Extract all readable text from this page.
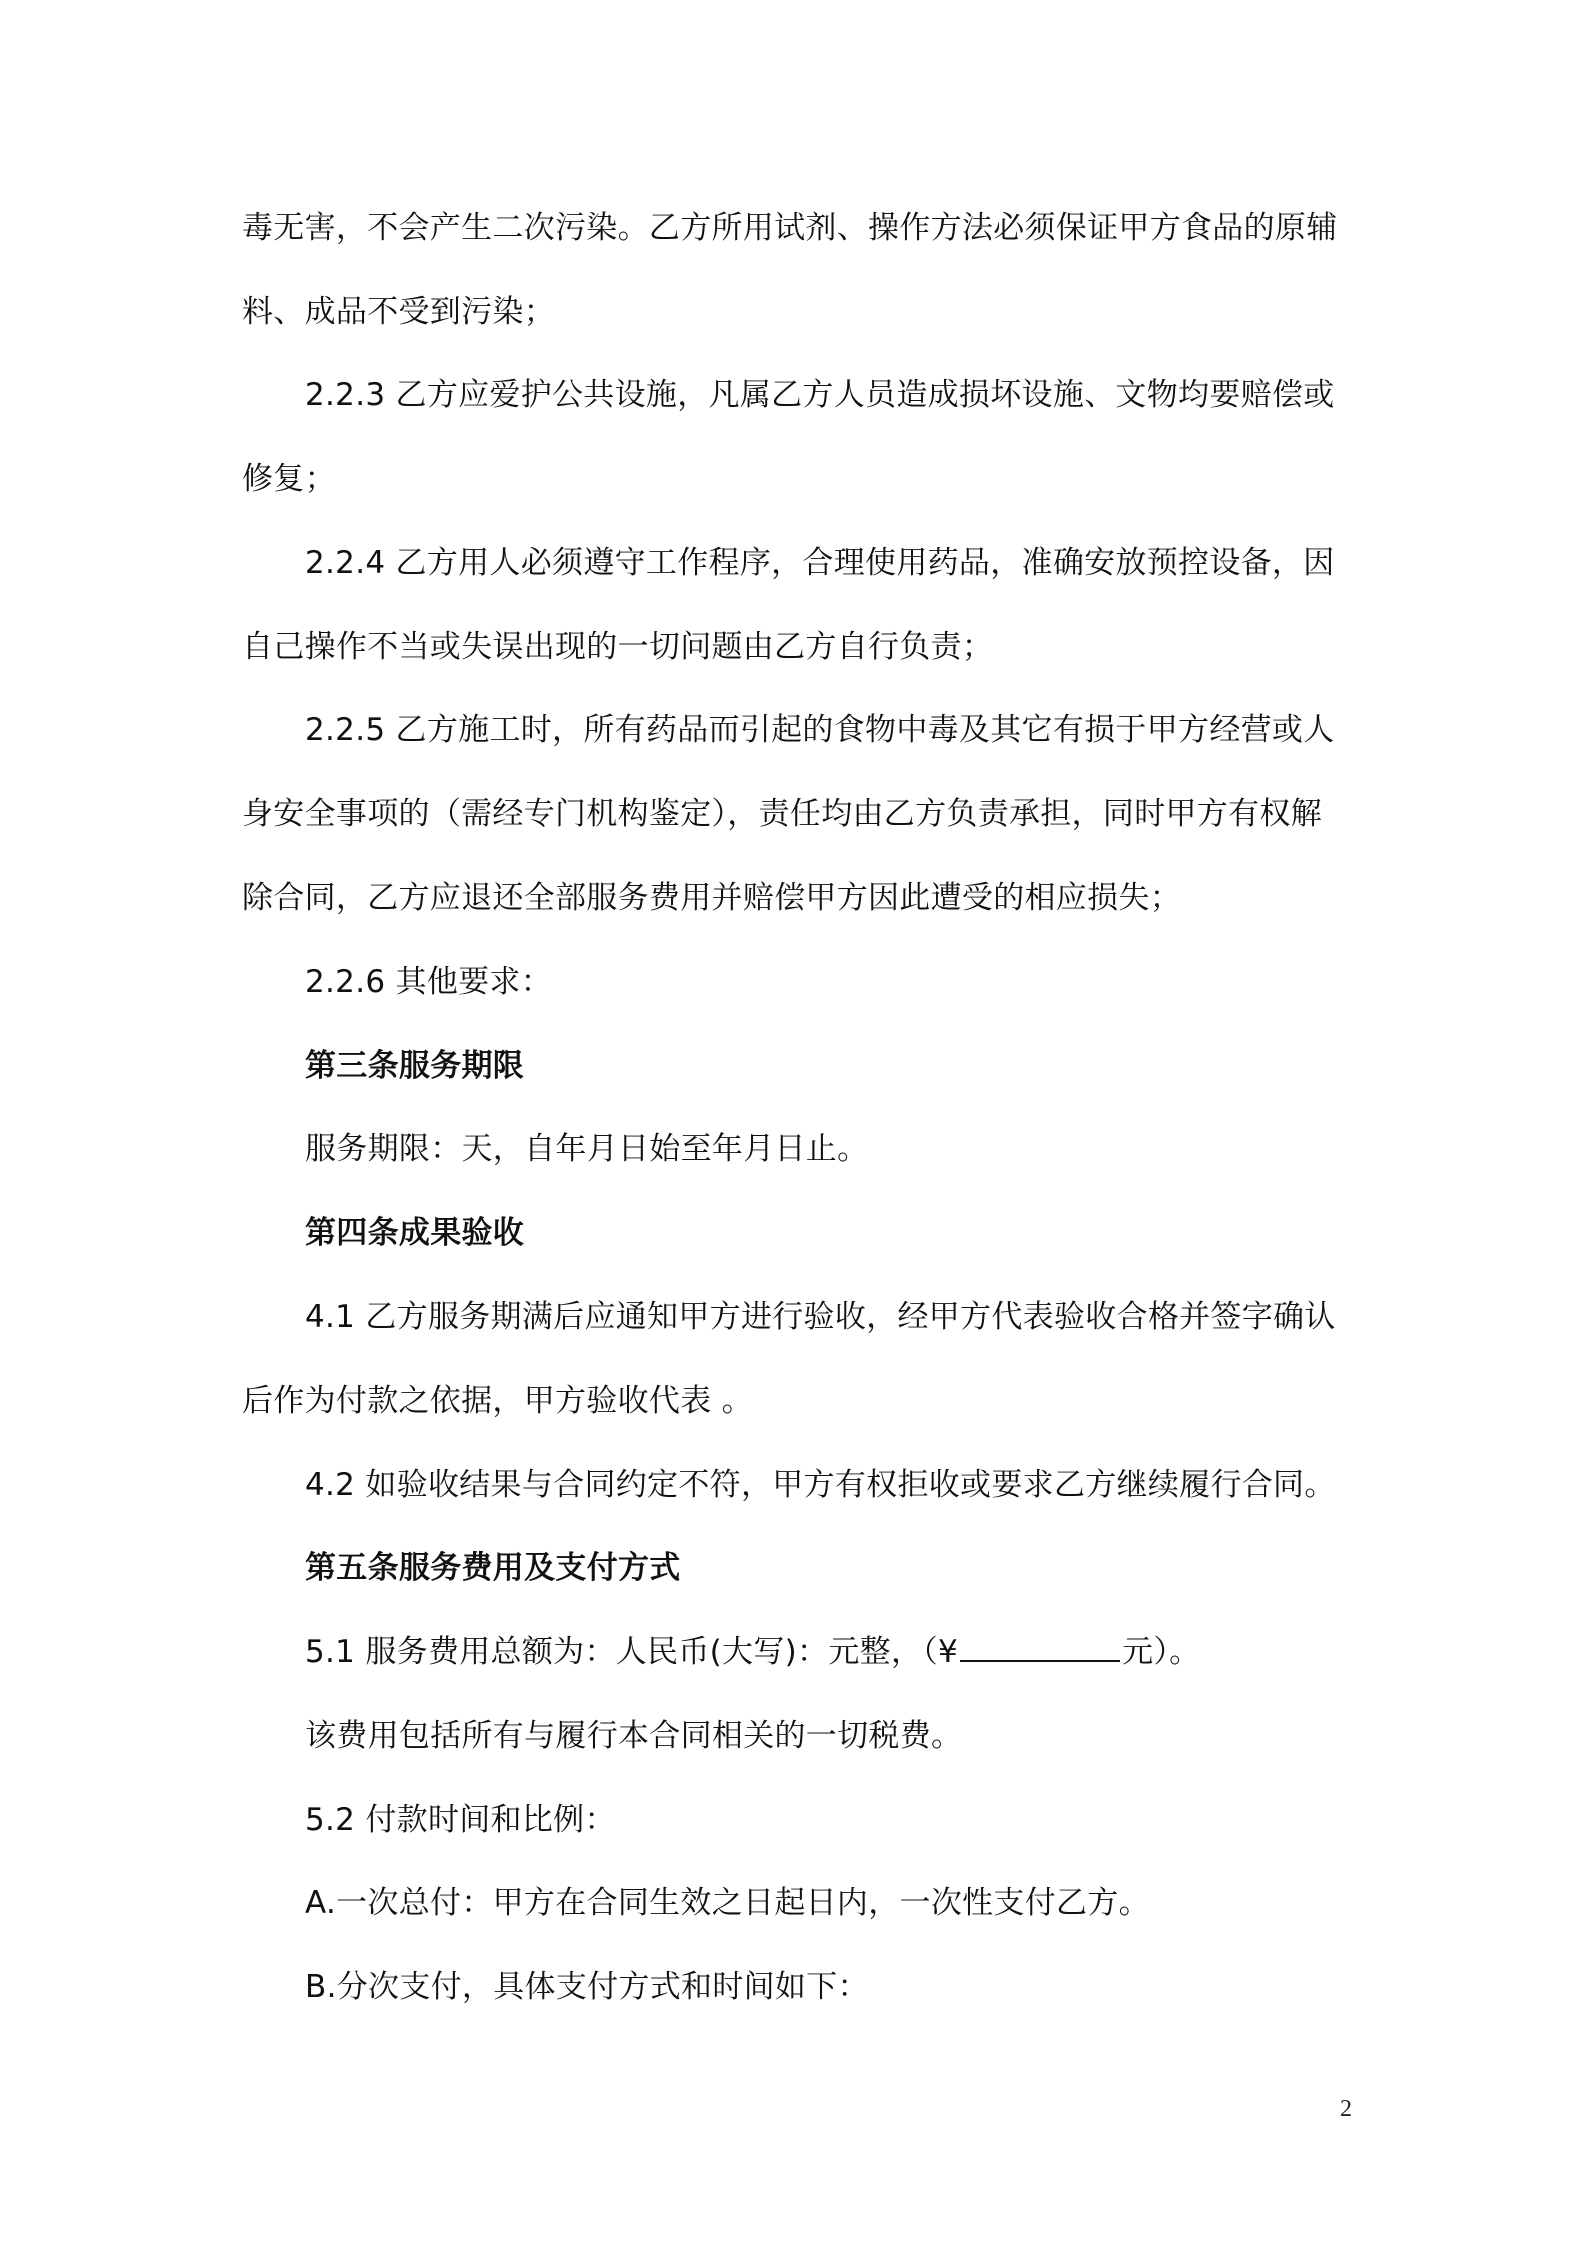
毒无害，不会产生二次污染。乙方所用试剂、操作方法必须保证甲方食品的原辅
料、成品不受到污染；
2.2.3 乙方应爱护公共设施，凡属乙方人员造成损坏设施、文物均要赔偿或
修复；
2.2.4 乙方用人必须遵守工作程序，合理使用药品，准确安放预控设备，因
自己操作不当或失误出现的一切问题由乙方自行负责；
2.2.5 乙方施工时，所有药品而引起的食物中毒及其它有损于甲方经营或人
身安全事项的（需经专门机构鉴定），责任均由乙方负责承担，同时甲方有权解
除合同，乙方应退还全部服务费用并赔偿甲方因此遭受的相应损失；
2.2.6 其他要求：
第三条服务期限
服务期限：天，自年月日始至年月日止。
第四条成果验收
4.1 乙方服务期满后应通知甲方进行验收，经甲方代表验收合格并签字确认
后作为付款之依据，甲方验收代表 。
4.2 如验收结果与合同约定不符，甲方有权拒收或要求乙方继续履行合同。
第五条服务费用及支付方式
5.1 服务费用总额为：人民币(大写)：元整，（¥	元）。
该费用包括所有与履行本合同相关的一切税费。
5.2 付款时间和比例：
A.一次总付：甲方在合同生效之日起日内，一次性支付乙方。
B.分次支付，具体支付方式和时间如下：
2
